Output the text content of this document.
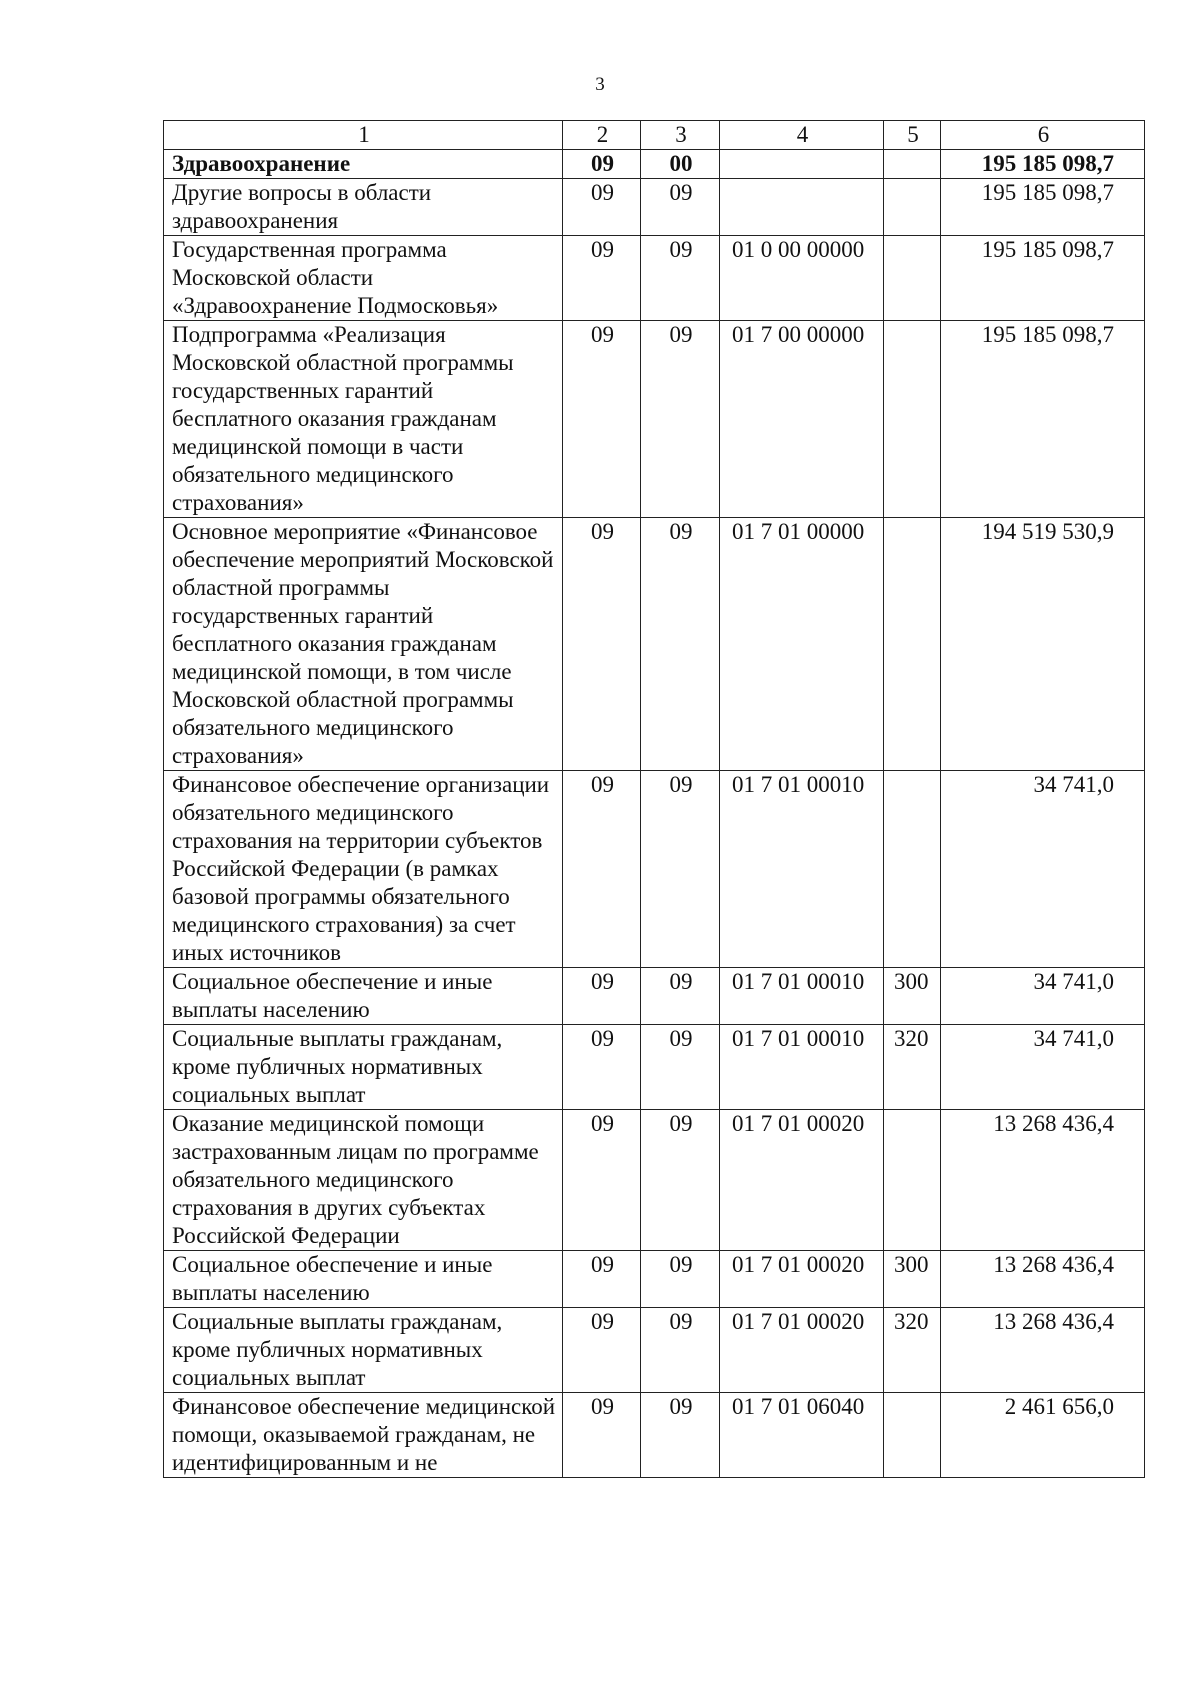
3
1	2	3	4	5	6
Здравоохранение	09	00			195 185 098,7
Другие вопросы в области здравоохранения	09	09			195 185 098,7
Государственная программа Московской области «Здравоохранение Подмосковья»	09	09	01 0 00 00000		195 185 098,7
Подпрограмма «Реализация Московской областной программы государственных гарантий бесплатного оказания гражданам медицинской помощи в части обязательного медицинского страхования»	09	09	01 7 00 00000		195 185 098,7
Основное мероприятие «Финансовое обеспечение мероприятий Московской областной программы государственных гарантий бесплатного оказания гражданам медицинской помощи, в том числе Московской областной программы обязательного медицинского страхования»	09	09	01 7 01 00000		194 519 530,9
Финансовое обеспечение организации обязательного медицинского страхования на территории субъектов Российской Федерации (в рамках базовой программы обязательного медицинского страхования) за счет иных источников	09	09	01 7 01 00010		34 741,0
Социальное обеспечение и иные выплаты населению	09	09	01 7 01 00010	300	34 741,0
Социальные выплаты гражданам, кроме публичных нормативных социальных выплат	09	09	01 7 01 00010	320	34 741,0
Оказание медицинской помощи застрахованным лицам по программе обязательного медицинского страхования в других субъектах Российской Федерации	09	09	01 7 01 00020		13 268 436,4
Социальное обеспечение и иные выплаты населению	09	09	01 7 01 00020	300	13 268 436,4
Социальные выплаты гражданам, кроме публичных нормативных социальных выплат	09	09	01 7 01 00020	320	13 268 436,4
Финансовое обеспечение медицинской помощи, оказываемой гражданам, не идентифицированным и не	09	09	01 7 01 06040		2 461 656,0
